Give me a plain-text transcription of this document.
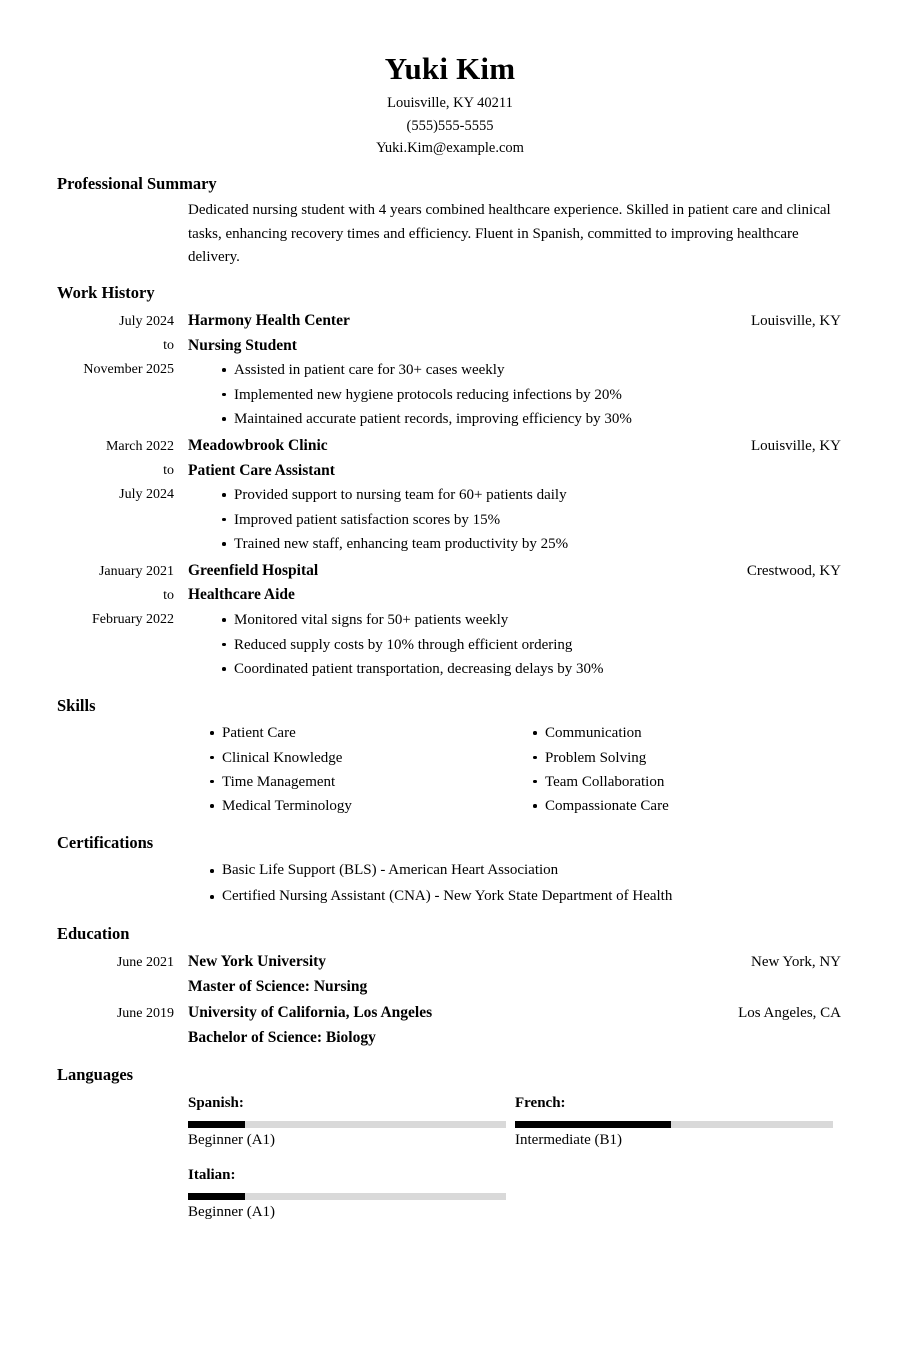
Yuki Kim
Louisville, KY 40211
(555)555-5555
Yuki.Kim@example.com
Professional Summary
Dedicated nursing student with 4 years combined healthcare experience. Skilled in patient care and clinical tasks, enhancing recovery times and efficiency. Fluent in Spanish, committed to improving healthcare delivery.
Work History
July 2024
to
November 2025
Harmony Health Center	Louisville, KY
Nursing Student
Assisted in patient care for 30+ cases weekly
Implemented new hygiene protocols reducing infections by 20%
Maintained accurate patient records, improving efficiency by 30%
March 2022
to
July 2024
Meadowbrook Clinic	Louisville, KY
Patient Care Assistant
Provided support to nursing team for 60+ patients daily
Improved patient satisfaction scores by 15%
Trained new staff, enhancing team productivity by 25%
January 2021
to
February 2022
Greenfield Hospital	Crestwood, KY
Healthcare Aide
Monitored vital signs for 50+ patients weekly
Reduced supply costs by 10% through efficient ordering
Coordinated patient transportation, decreasing delays by 30%
Skills
Patient Care
Clinical Knowledge
Time Management
Medical Terminology
Communication
Problem Solving
Team Collaboration
Compassionate Care
Certifications
Basic Life Support (BLS) - American Heart Association
Certified Nursing Assistant (CNA) - New York State Department of Health
Education
June 2021 New York University	New York, NY
Master of Science: Nursing
June 2019 University of California, Los Angeles	Los Angeles, CA
Bachelor of Science: Biology
Languages
Spanish:
Beginner (A1)
French:
Intermediate (B1)
Italian:
Beginner (A1)
